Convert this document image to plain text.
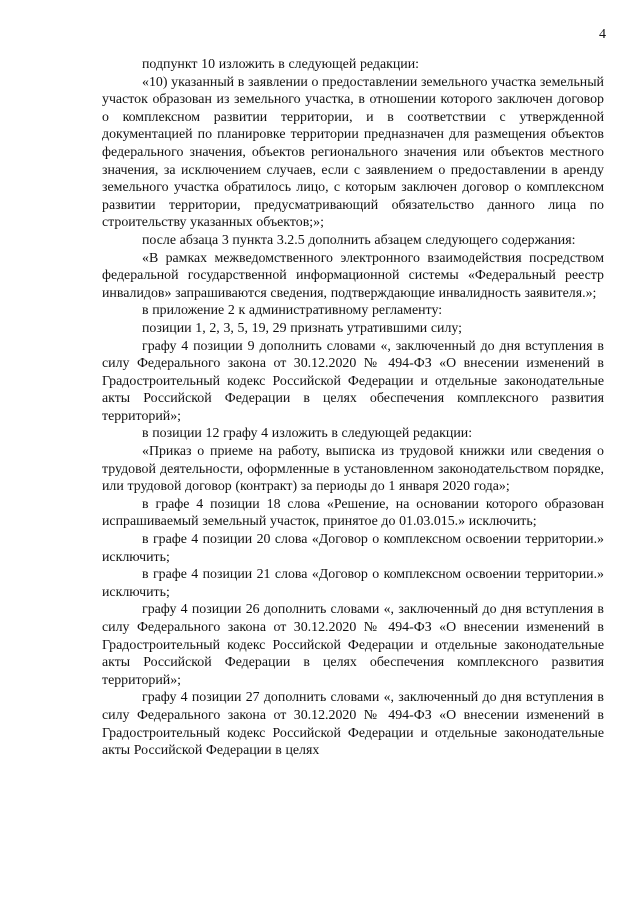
4

подпункт 10 изложить в следующей редакции:

«10) указанный в заявлении о предоставлении земельного участка земельный участок образован из земельного участка, в отношении которого заключен договор о комплексном развитии территории, и в соответствии с утвержденной документацией по планировке территории предназначен для размещения объектов федерального значения, объектов регионального значения или объектов местного значения, за исключением случаев, если с заявлением о предоставлении в аренду земельного участка обратилось лицо, с которым заключен договор о комплексном развитии территории, предусматривающий обязательство данного лица по строительству указанных объектов;»;

после абзаца 3 пункта 3.2.5 дополнить абзацем следующего содержания:

«В рамках межведомственного электронного взаимодействия посредством федеральной государственной информационной системы «Федеральный реестр инвалидов» запрашиваются сведения, подтверждающие инвалидность заявителя.»;

в приложение 2 к административному регламенту:

позиции 1, 2, 3, 5, 19, 29 признать утратившими силу;

графу 4 позиции 9 дополнить словами «, заключенный до дня вступления в силу Федерального закона от 30.12.2020 № 494-ФЗ «О внесении изменений в Градостроительный кодекс Российской Федерации и отдельные законодательные акты Российской Федерации в целях обеспечения комплексного развития территорий»;

в позиции 12 графу 4 изложить в следующей редакции:

«Приказ о приеме на работу, выписка из трудовой книжки или сведения о трудовой деятельности, оформленные в установленном законодательством порядке, или трудовой договор (контракт) за периоды до 1 января 2020 года»;

в графе 4 позиции 18 слова «Решение, на основании которого образован испрашиваемый земельный участок, принятое до 01.03.015.» исключить;

в графе 4 позиции 20 слова «Договор о комплексном освоении территории.» исключить;

в графе 4 позиции 21 слова «Договор о комплексном освоении территории.» исключить;

графу 4 позиции 26 дополнить словами «, заключенный до дня вступления в силу Федерального закона от 30.12.2020 № 494-ФЗ «О внесении изменений в Градостроительный кодекс Российской Федерации и отдельные законодательные акты Российской Федерации в целях обеспечения комплексного развития территорий»;

графу 4 позиции 27 дополнить словами «, заключенный до дня вступления в силу Федерального закона от 30.12.2020 № 494-ФЗ «О внесении изменений в Градостроительный кодекс Российской Федерации и отдельные законодательные акты Российской Федерации в целях
